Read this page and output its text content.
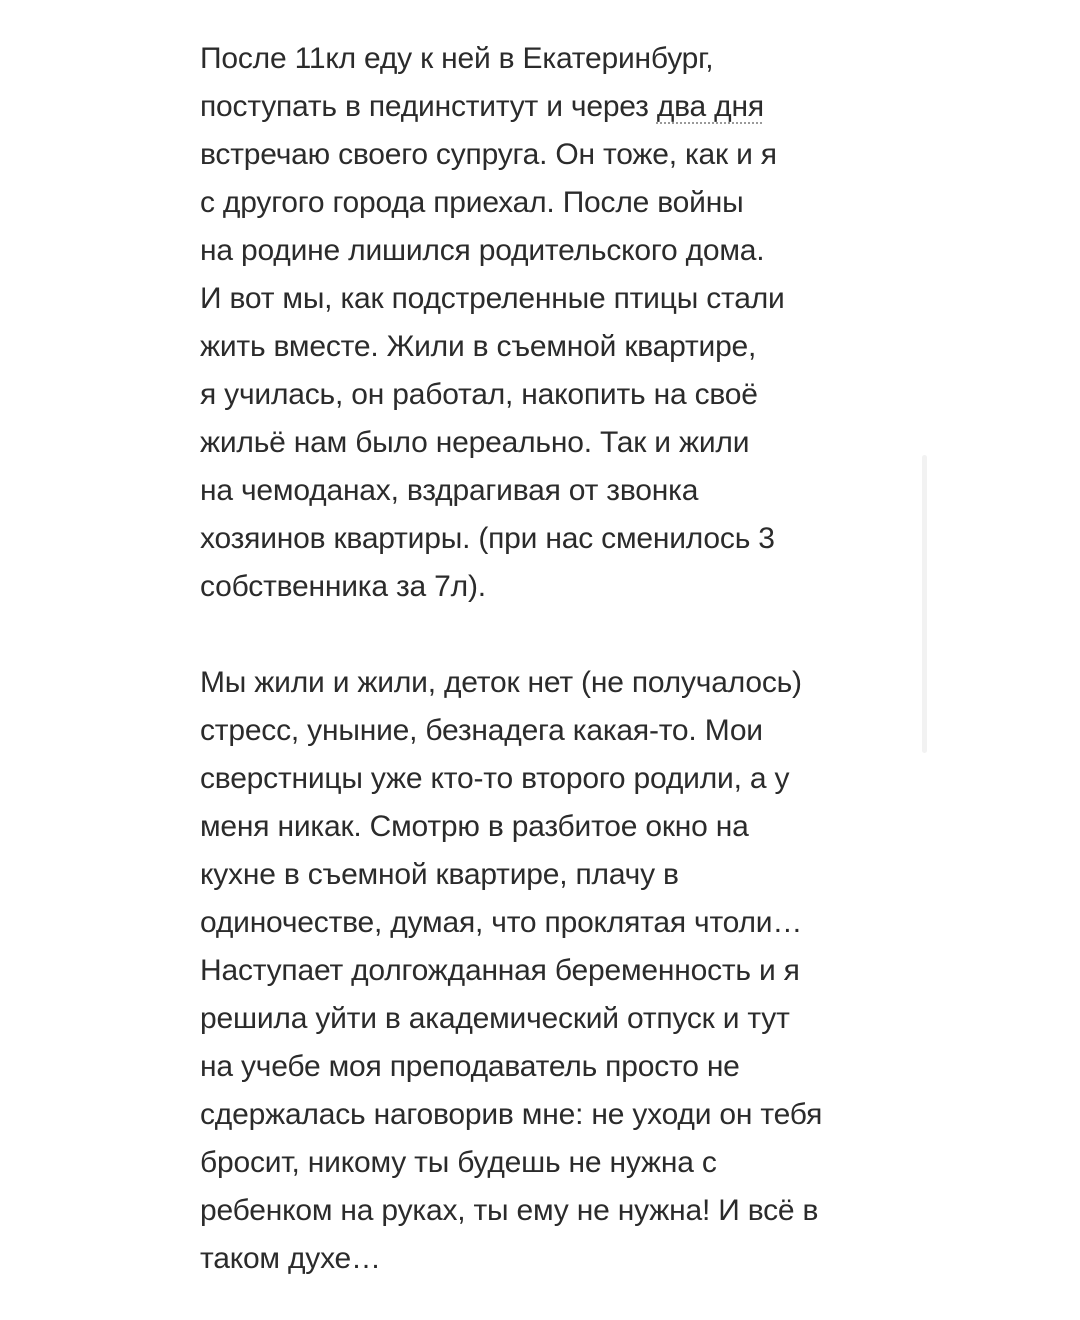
После 11кл еду к ней в Екатеринбург,
поступать в пединститут и через два дня
встречаю своего супруга. Он тоже, как и я
с другого города приехал. После войны
на родине лишился родительского дома.
И вот мы, как подстреленные птицы стали
жить вместе. Жили в съемной квартире,
я училась, он работал, накопить на своё
жильё нам было нереально. Так и жили
на чемоданах, вздрагивая от звонка
хозяинов квартиры. (при нас сменилось 3
собственника за 7л).
Мы жили и жили, деток нет (не получалось)
стресс, уныние, безнадега какая-то. Мои
сверстницы уже кто-то второго родили, а у
меня никак. Смотрю в разбитое окно на
кухне в съемной квартире, плачу в
одиночестве, думая, что проклятая чтоли…
Наступает долгожданная беременность и я
решила уйти в академический отпуск и тут
на учебе моя преподаватель просто не
сдержалась наговорив мне: не уходи он тебя
бросит, никому ты будешь не нужна с
ребенком на руках, ты ему не нужна! И всё в
таком духе…
